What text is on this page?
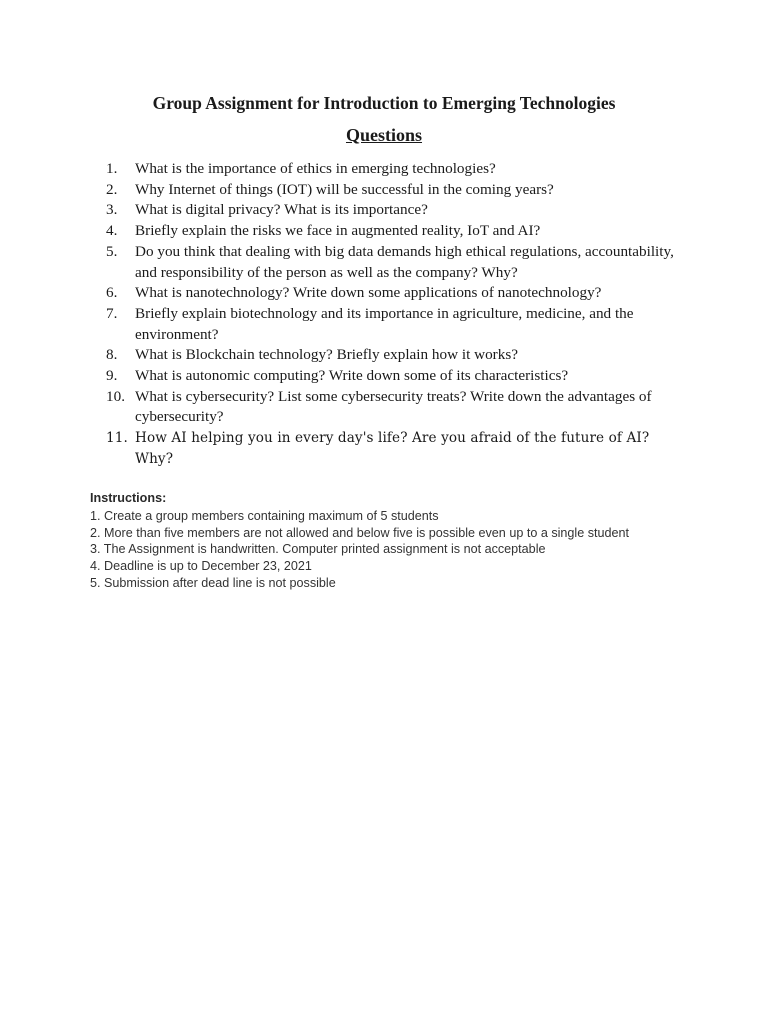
Group Assignment for Introduction to Emerging Technologies
Questions
1.	What is the importance of ethics in emerging technologies?
2.	Why Internet of things (IOT) will be successful in the coming years?
3.	What is digital privacy? What is its importance?
4.	Briefly explain the risks we face in augmented reality, IoT and AI?
5.	Do you think that dealing with big data demands high ethical regulations, accountability, and responsibility of the person as well as the company? Why?
6.	What is nanotechnology? Write down some applications of nanotechnology?
7.	Briefly explain biotechnology and its importance in agriculture, medicine, and the environment?
8.	What is Blockchain technology? Briefly explain how it works?
9.	What is autonomic computing? Write down some of its characteristics?
10. What is cybersecurity? List some cybersecurity treats? Write down the advantages of cybersecurity?
11. How AI helping you in every day's life? Are you afraid of the future of AI? Why?
Instructions:
1. Create a group members containing maximum of 5 students
2. More than five members are not allowed and below five is possible even up to a single student
3. The Assignment is handwritten. Computer printed assignment is not acceptable
4. Deadline is up to December 23, 2021
5. Submission after dead line is not possible
